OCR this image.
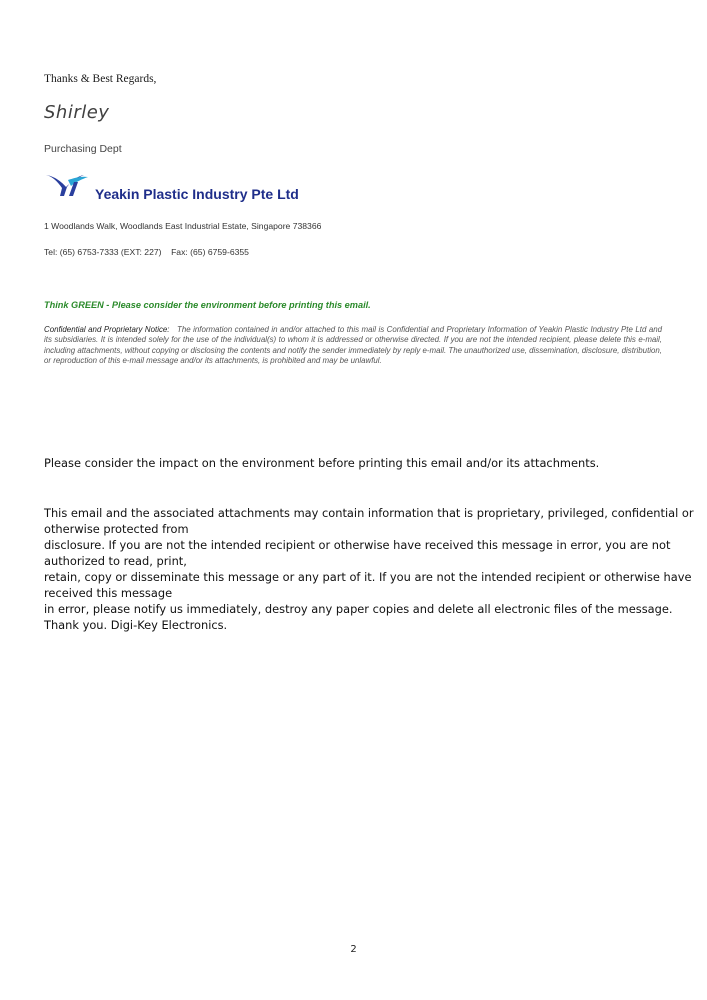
Thanks & Best Regards,
Shirley
Purchasing Dept
Yeakin Plastic Industry Pte Ltd
1 Woodlands Walk, Woodlands East Industrial Estate, Singapore 738366
Tel: (65) 6753-7333 (EXT: 227)    Fax: (65) 6759-6355
Think GREEN - Please consider the environment before printing this email.
Confidential and Proprietary Notice: The information contained in and/or attached to this mail is Confidential and Proprietary Information of Yeakin Plastic Industry Pte Ltd and its subsidiaries. It is intended solely for the use of the individual(s) to whom it is addressed or otherwise directed. If you are not the intended recipient, please delete this e-mail, including attachments, without copying or disclosing the contents and notify the sender immediately by reply e-mail. The unauthorized use, dissemination, disclosure, distribution, or reproduction of this e-mail message and/or its attachments, is prohibited and may be unlawful.
Please consider the impact on the environment before printing this email and/or its attachments.
This email and the associated attachments may contain information that is proprietary, privileged, confidential or
otherwise protected from
disclosure. If you are not the intended recipient or otherwise have received this message in error, you are not
authorized to read, print,
retain, copy or disseminate this message or any part of it. If you are not the intended recipient or otherwise have
received this message
in error, please notify us immediately, destroy any paper copies and delete all electronic files of the message.
Thank you. Digi-Key Electronics.
2
